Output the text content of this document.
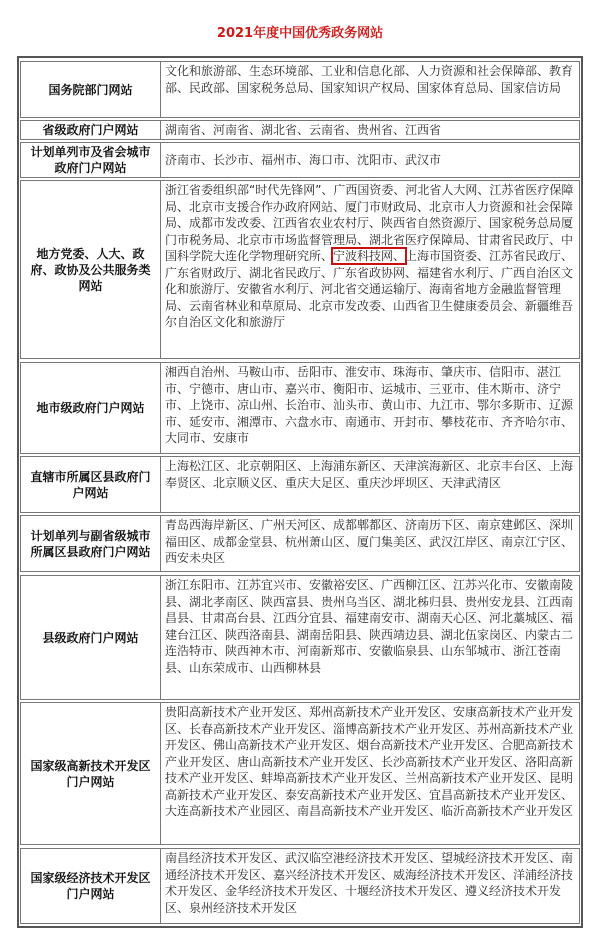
2021年度中国优秀政务网站
国务院部门网站
文化和旅游部、生态环境部、工业和信息化部、人力资源和社会保障部、教育部、民政部、国家税务总局、国家知识产权局、国家体育总局、国家信访局
省级政府门户网站	湖南省、河南省、湖北省、云南省、贵州省、江西省
计划单列市及省会城市政府门户网站
济南市、长沙市、福州市、海口市、沈阳市、武汉市
地方党委、人大、政府、政协及公共服务类网站
浙江省委组织部“时代先锋网”、广西国资委、河北省人大网、江苏省医疗保障局、北京市支援合作办政府网站、厦门市财政局、北京市人力资源和社会保障局、成都市发改委、江西省农业农村厅、陕西省自然资源厅、国家税务总局厦门市税务局、北京市市场监督管理局、湖北省医疗保障局、甘肃省民政厅、中国科学院大连化学物理研究所、宁波科技网、上海市国资委、江苏省民政厅、广东省财政厅、湖北省民政厅、广东省政协网、福建省水利厅、广西自治区文化和旅游厅、安徽省水利厅、河北省交通运输厅、海南省地方金融监督管理局、云南省林业和草原局、北京市发改委、山西省卫生健康委员会、新疆维吾尔自治区文化和旅游厅
地市级政府门户网站
湘西自治州、马鞍山市、岳阳市、淮安市、珠海市、肇庆市、信阳市、湛江市、宁德市、唐山市、嘉兴市、衡阳市、运城市、三亚市、佳木斯市、济宁市、上饶市、凉山州、长治市、汕头市、黄山市、九江市、鄂尔多斯市、辽源市、延安市、湘潭市、六盘水市、南通市、开封市、攀枝花市、齐齐哈尔市、大同市、安康市
直辖市所属区县政府门户网站
上海松江区、北京朝阳区、上海浦东新区、天津滨海新区、北京丰台区、上海奉贤区、北京顺义区、重庆大足区、重庆沙坪坝区、天津武清区
计划单列与副省级城市所属区县政府门户网站
青岛西海岸新区、广州天河区、成都郫都区、济南历下区、南京建邺区、深圳福田区、成都金堂县、杭州萧山区、厦门集美区、武汉江岸区、南京江宁区、西安未央区
县级政府门户网站
浙江东阳市、江苏宜兴市、安徽裕安区、广西柳江区、江苏兴化市、安徽南陵县、湖北孝南区、陕西富县、贵州乌当区、湖北秭归县、贵州安龙县、江西南昌县、甘肃高台县、江西分宜县、福建南安市、湖南天心区、河北藁城区、福建台江区、陕西洛南县、湖南岳阳县、陕西靖边县、湖北伍家岗区、内蒙古二连浩特市、陕西神木市、河南新郑市、安徽临泉县、山东邹城市、浙江苍南县、山东荣成市、山西柳林县
国家级高新技术开发区门户网站
贵阳高新技术产业开发区、郑州高新技术产业开发区、安康高新技术产业开发区、长春高新技术产业开发区、淄博高新技术产业开发区、苏州高新技术产业开发区、佛山高新技术产业开发区、烟台高新技术产业开发区、合肥高新技术产业开发区、唐山高新技术产业开发区、长沙高新技术产业开发区、洛阳高新技术产业开发区、蚌埠高新技术产业开发区、兰州高新技术产业开发区、昆明高新技术产业开发区、泰安高新技术产业开发区、宜昌高新技术产业开发区、大连高新技术产业园区、南昌高新技术产业开发区、临沂高新技术产业开发区
国家级经济技术开发区门户网站
南昌经济技术开发区、武汉临空港经济技术开发区、望城经济技术开发区、南通经济技术开发区、嘉兴经济技术开发区、威海经济技术开发区、洋浦经济技术开发区、金华经济技术开发区、十堰经济技术开发区、遵义经济技术开发区、泉州经济技术开发区
